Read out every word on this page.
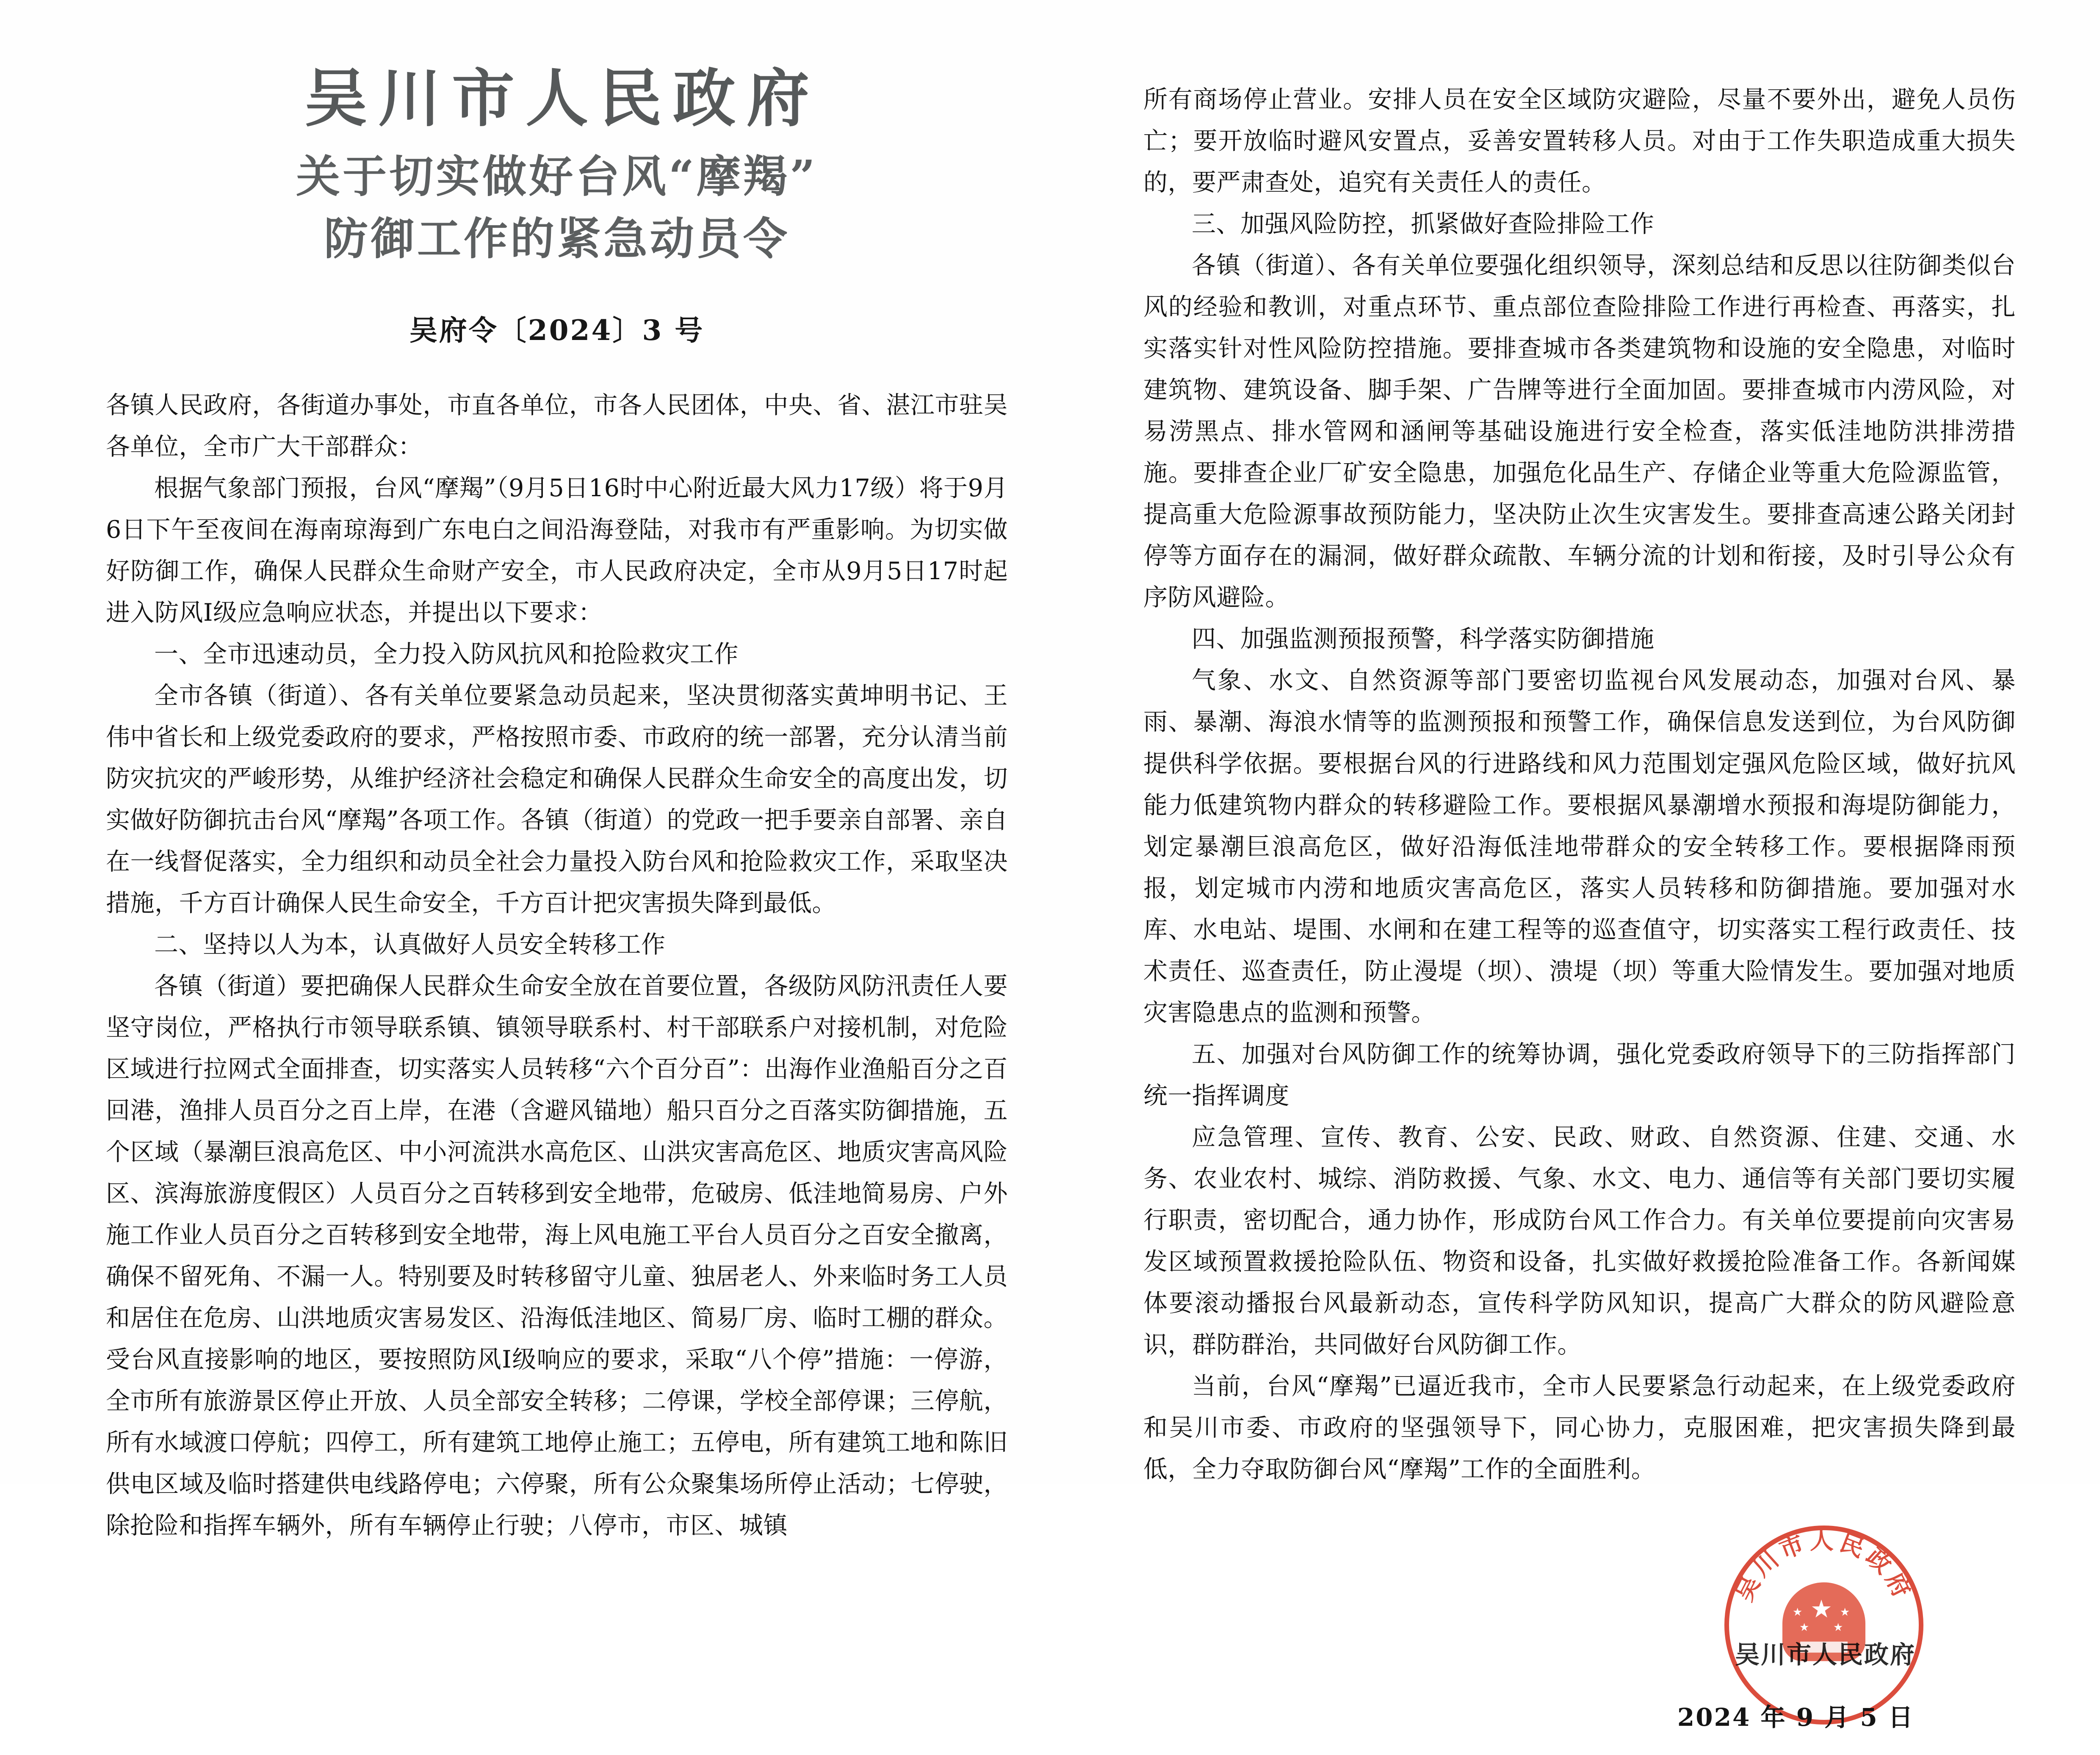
吴川市人民政府
关于切实做好台风“摩羯”
防御工作的紧急动员令
吴府令〔2024〕3 号

各镇人民政府，各街道办事处，市直各单位，市各人民团体，中央、省、湛江市驻吴各单位，全市广大干部群众：

根据气象部门预报，台风“摩羯”（9月5日16时中心附近最大风力17级）将于9月6日下午至夜间在海南琼海到广东电白之间沿海登陆，对我市有严重影响。为切实做好防御工作，确保人民群众生命财产安全，市人民政府决定，全市从9月5日17时起进入防风I级应急响应状态，并提出以下要求：

一、全市迅速动员，全力投入防风抗风和抢险救灾工作

全市各镇（街道）、各有关单位要紧急动员起来，坚决贯彻落实黄坤明书记、王伟中省长和上级党委政府的要求，严格按照市委、市政府的统一部署，充分认清当前防灾抗灾的严峻形势，从维护经济社会稳定和确保人民群众生命安全的高度出发，切实做好防御抗击台风“摩羯”各项工作。各镇（街道）的党政一把手要亲自部署、亲自在一线督促落实，全力组织和动员全社会力量投入防台风和抢险救灾工作，采取坚决措施，千方百计确保人民生命安全，千方百计把灾害损失降到最低。

二、坚持以人为本，认真做好人员安全转移工作

各镇（街道）要把确保人民群众生命安全放在首要位置，各级防风防汛责任人要坚守岗位，严格执行市领导联系镇、镇领导联系村、村干部联系户对接机制，对危险区域进行拉网式全面排查，切实落实人员转移“六个百分百”：出海作业渔船百分之百回港，渔排人员百分之百上岸，在港（含避风锚地）船只百分之百落实防御措施，五个区域（暴潮巨浪高危区、中小河流洪水高危区、山洪灾害高危区、地质灾害高风险区、滨海旅游度假区）人员百分之百转移到安全地带，危破房、低洼地简易房、户外施工作业人员百分之百转移到安全地带，海上风电施工平台人员百分之百安全撤离，确保不留死角、不漏一人。特别要及时转移留守儿童、独居老人、外来临时务工人员和居住在危房、山洪地质灾害易发区、沿海低洼地区、简易厂房、临时工棚的群众。受台风直接影响的地区，要按照防风I级响应的要求，采取“八个停”措施：一停游，全市所有旅游景区停止开放、人员全部安全转移；二停课，学校全部停课；三停航，所有水域渡口停航；四停工，所有建筑工地停止施工；五停电，所有建筑工地和陈旧供电区域及临时搭建供电线路停电；六停聚，所有公众聚集场所停止活动；七停驶，除抢险和指挥车辆外，所有车辆停止行驶；八停市，市区、城镇

所有商场停止营业。安排人员在安全区域防灾避险，尽量不要外出，避免人员伤亡；要开放临时避风安置点，妥善安置转移人员。对由于工作失职造成重大损失的，要严肃查处，追究有关责任人的责任。

三、加强风险防控，抓紧做好查险排险工作

各镇（街道）、各有关单位要强化组织领导，深刻总结和反思以往防御类似台风的经验和教训，对重点环节、重点部位查险排险工作进行再检查、再落实，扎实落实针对性风险防控措施。要排查城市各类建筑物和设施的安全隐患，对临时建筑物、建筑设备、脚手架、广告牌等进行全面加固。要排查城市内涝风险，对易涝黑点、排水管网和涵闸等基础设施进行安全检查，落实低洼地防洪排涝措施。要排查企业厂矿安全隐患，加强危化品生产、存储企业等重大危险源监管，提高重大危险源事故预防能力，坚决防止次生灾害发生。要排查高速公路关闭封停等方面存在的漏洞，做好群众疏散、车辆分流的计划和衔接，及时引导公众有序防风避险。

四、加强监测预报预警，科学落实防御措施

气象、水文、自然资源等部门要密切监视台风发展动态，加强对台风、暴雨、暴潮、海浪水情等的监测预报和预警工作，确保信息发送到位，为台风防御提供科学依据。要根据台风的行进路线和风力范围划定强风危险区域，做好抗风能力低建筑物内群众的转移避险工作。要根据风暴潮增水预报和海堤防御能力，划定暴潮巨浪高危区，做好沿海低洼地带群众的安全转移工作。要根据降雨预报，划定城市内涝和地质灾害高危区，落实人员转移和防御措施。要加强对水库、水电站、堤围、水闸和在建工程等的巡查值守，切实落实工程行政责任、技术责任、巡查责任，防止漫堤（坝）、溃堤（坝）等重大险情发生。要加强对地质灾害隐患点的监测和预警。

五、加强对台风防御工作的统筹协调，强化党委政府领导下的三防指挥部门统一指挥调度

应急管理、宣传、教育、公安、民政、财政、自然资源、住建、交通、水务、农业农村、城综、消防救援、气象、水文、电力、通信等有关部门要切实履行职责，密切配合，通力协作，形成防台风工作合力。有关单位要提前向灾害易发区域预置救援抢险队伍、物资和设备，扎实做好救援抢险准备工作。各新闻媒体要滚动播报台风最新动态，宣传科学防风知识，提高广大群众的防风避险意识，群防群治，共同做好台风防御工作。

当前，台风“摩羯”已逼近我市，全市人民要紧急行动起来，在上级党委政府和吴川市委、市政府的坚强领导下，同心协力，克服困难，把灾害损失降到最低，全力夺取防御台风“摩羯”工作的全面胜利。

吴川市人民政府
★
★	★
★ ★
吴川市人民政府
2024 年 9 月 5 日
